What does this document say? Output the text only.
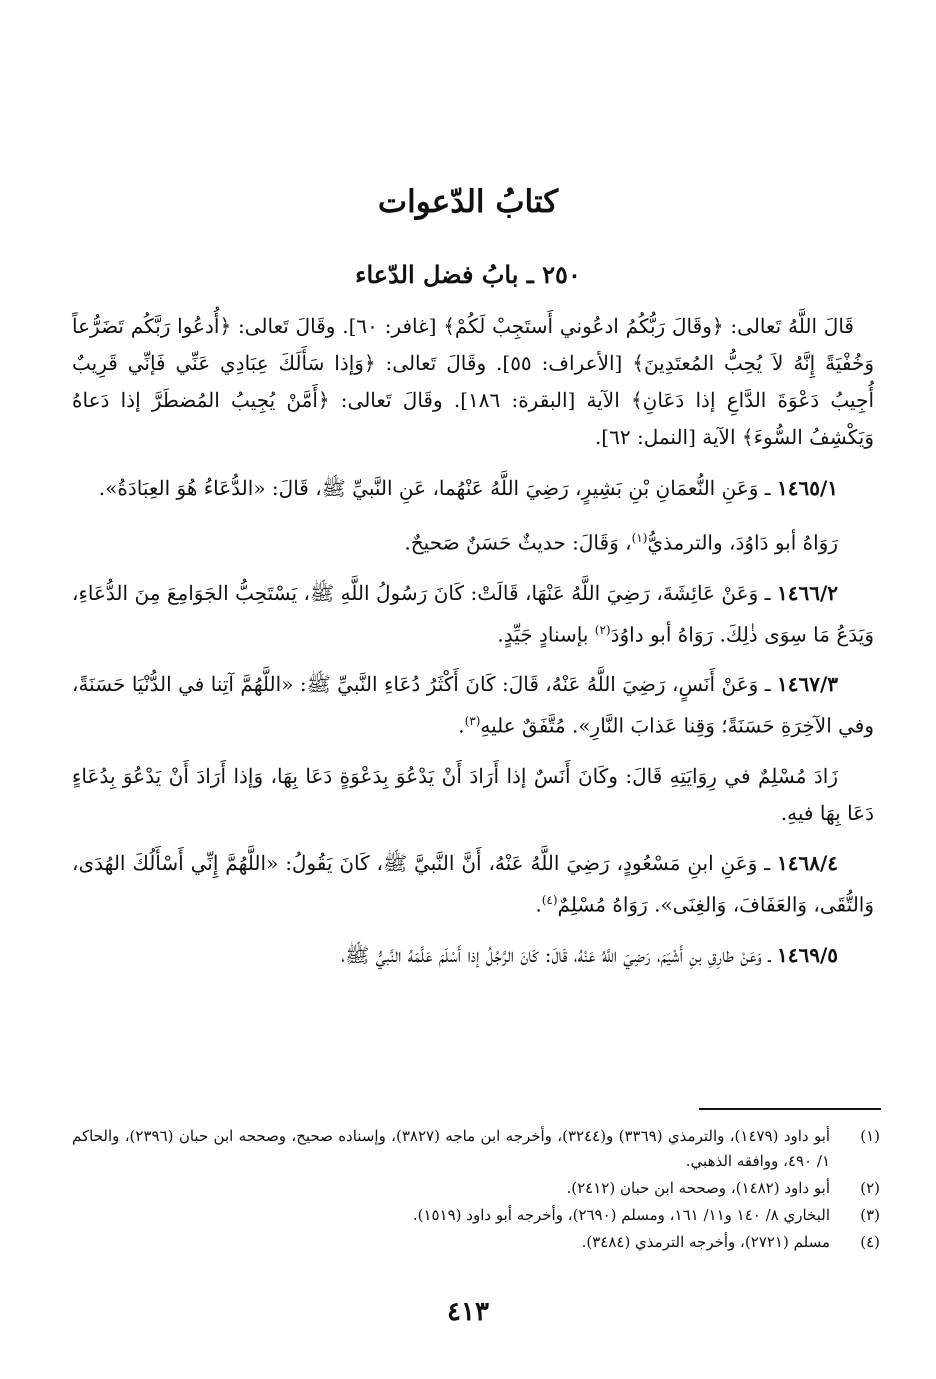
كتابُ الدّعوات
٢٥٠ ـ بابُ فضل الدّعاء

قَالَ اللَّهُ تَعالى: ﴿وقَالَ رَبُّكُمُ ادعُوني أَستَجِبْ لَكُمْ﴾ [غافر: ٦٠]. وقَالَ تَعالى: ﴿أُدعُوا رَبَّكُم تَضَرُّعاً وَخُفْيَةً إِنَّهُ لاَ يُحِبُّ المُعتَدِينَ﴾ [الأعراف: ٥٥]. وقَالَ تَعالى: ﴿وَإذا سَأَلَكَ عِبَادِي عَنِّي فَإنِّي قَرِيبٌ أُجِيبُ دَعْوَةَ الدَّاعِ إذا دَعَانِ﴾ الآية [البقرة: ١٨٦]. وقَالَ تَعالى: ﴿أَمَّنْ يُجِيبُ المُضطَرَّ إذا دَعاهُ وَيَكْشِفُ السُّوءَ﴾ الآية [النمل: ٦٢].

١٤٦٥/١ ـ وَعَنِ النُّعمَانِ بْنِ بَشِيرٍ، رَضِيَ اللَّهُ عَنْهُما، عَنِ النَّبيِّ ﷺ، قَالَ: «الدُّعَاءُ هُوَ العِبَادَةُ».

رَوَاهُ أبو دَاوُدَ، والترمذيُّ$^{(١)}$، وَقَالَ: حديثٌ حَسَنٌ صَحيحٌ.

١٤٦٦/٢ ـ وَعَنْ عَائِشَةَ، رَضِيَ اللَّهُ عَنْهَا، قَالَتْ: كَانَ رَسُولُ اللَّهِ ﷺ، يَسْتَحِبُّ الجَوَامِعَ مِنَ الدُّعَاءِ، وَيَدَعُ مَا سِوَى ذٰلِكَ. رَوَاهُ أبو داوُدَ$^{(٢)}$ بإسنادٍ جَيِّدٍ.

١٤٦٧/٣ ـ وَعَنْ أَنَسٍ، رَضِيَ اللَّهُ عَنْهُ، قَالَ: كَانَ أَكْثَرُ دُعَاءِ النَّبيِّ ﷺ: «اللَّهُمَّ آتِنا في الدُّنْيَا حَسَنَةً، وفي الآخِرَةِ حَسَنَةً؛ وَقِنا عَذابَ النَّارِ». مُتَّفَقٌ عليهِ$^{(٣)}$.

زَادَ مُسْلِمٌ في رِوَايَتِهِ قَالَ: وكَانَ أَنَسٌ إذا أَرَادَ أَنْ يَدْعُوَ بِدَعْوَةٍ دَعَا بِهَا، وَإذا أَرَادَ أَنْ يَدْعُوَ بِدُعَاءٍ دَعَا بِهَا فيهِ.

١٤٦٨/٤ ـ وَعَنِ ابنِ مَسْعُودٍ، رَضِيَ اللَّهُ عَنْهُ، أَنَّ النَّبيَّ ﷺ، كَانَ يَقُولُ: «اللَّهُمَّ إِنِّي أَسْأَلُكَ الهُدَى، وَالتُّقَى، وَالعَفَافَ، وَالغِنَى». رَوَاهُ مُسْلِمٌ$^{(٤)}$.

١٤٦٩/٥ ـ وَعَنْ طارِقِ بنِ أَشْيَمَ، رَضِيَ اللَّهُ عَنْهُ، قَالَ: كَانَ الرَّجُلُ إذا أَسْلَمَ عَلَّمَهُ النَّبيُّ ﷺ،

(١)
أبو داود (١٤٧٩)، والترمذي (٣٣٦٩) و(٣٢٤٤)، وأخرجه ابن ماجه (٣٨٢٧)، وإسناده صحيح، وصححه ابن حبان (٢٣٩٦)، والحاكم ١/ ٤٩٠، ووافقه الذهبي.
(٢)
أبو داود (١٤٨٢)، وصححه ابن حبان (٢٤١٢).
(٣)
البخاري ٨/ ١٤٠ و١١/ ١٦١، ومسلم (٢٦٩٠)، وأخرجه أبو داود (١٥١٩).
(٤)
مسلم (٢٧٢١)، وأخرجه الترمذي (٣٤٨٤).
٤١٣
